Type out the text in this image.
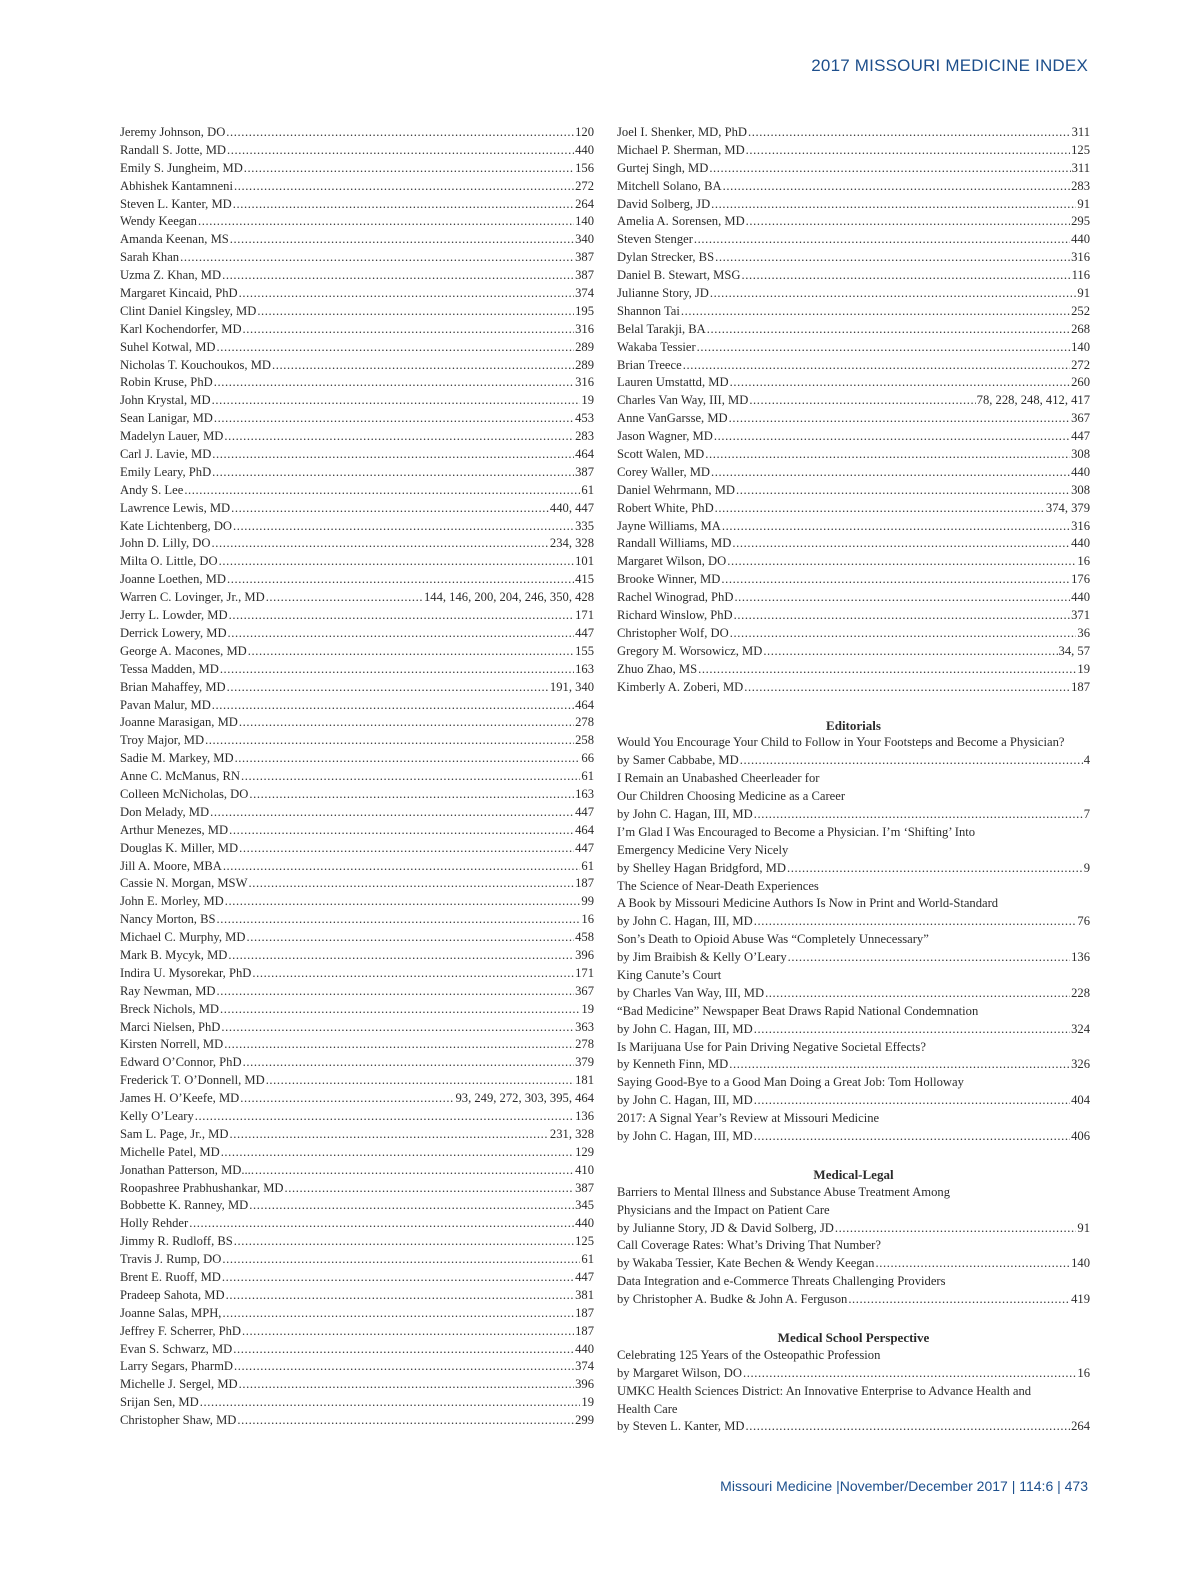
2017 MISSOURI MEDICINE INDEX
Jeremy Johnson, DO .....	120
Randall S. Jotte, MD .....	440
Emily S. Jungheim, MD .....	156
Abhishek Kantamneni .....	272
Steven L. Kanter, MD .....	264
Wendy Keegan .....	140
Amanda Keenan, MS .....	340
Sarah Khan .....	387
Uzma Z. Khan, MD .....	387
Margaret Kincaid, PhD .....	374
Clint Daniel Kingsley, MD .....	195
Karl Kochendorfer, MD .....	316
Suhel Kotwal, MD .....	289
Nicholas T. Kouchoukos, MD .....	289
Robin Kruse, PhD .....	316
John Krystal, MD .....	19
Sean Lanigar, MD .....	453
Madelyn Lauer, MD .....	283
Carl J. Lavie, MD .....	464
Emily Leary, PhD .....	387
Andy S. Lee .....	61
Lawrence Lewis, MD .....	440, 447
Kate Lichtenberg, DO .....	335
John D. Lilly, DO .....	234, 328
Milta O. Little, DO .....	101
Joanne Loethen, MD .....	415
Warren C. Lovinger, Jr., MD .....	144, 146, 200, 204, 246, 350, 428
Jerry L. Lowder, MD .....	171
Derrick Lowery, MD .....	447
George A. Macones, MD .....	155
Tessa Madden, MD .....	163
Brian Mahaffey, MD .....	191, 340
Pavan Malur, MD .....	464
Joanne Marasigan, MD .....	278
Troy Major, MD .....	258
Sadie M. Markey, MD .....	66
Anne C. McManus, RN .....	61
Colleen McNicholas, DO .....	163
Don Melady, MD .....	447
Arthur Menezes, MD .....	464
Douglas K. Miller, MD .....	447
Jill A. Moore, MBA .....	61
Cassie N. Morgan, MSW .....	187
John E. Morley, MD .....	99
Nancy Morton, BS .....	16
Michael C. Murphy, MD .....	458
Mark B. Mycyk, MD .....	396
Indira U. Mysorekar, PhD .....	171
Ray Newman, MD .....	367
Breck Nichols, MD .....	19
Marci Nielsen, PhD .....	363
Kirsten Norrell, MD .....	278
Edward O’Connor, PhD .....	379
Frederick T. O’Donnell, MD .....	181
James H. O’Keefe, MD .....	93, 249, 272, 303, 395, 464
Kelly O’Leary .....	136
Sam L. Page, Jr., MD .....	231, 328
Michelle Patel, MD .....	129
Jonathan Patterson, MD.... .....	410
Roopashree Prabhushankar, MD .....	387
Bobbette K. Ranney, MD .....	345
Holly Rehder .....	440
Jimmy R. Rudloff, BS .....	125
Travis J. Rump, DO .....	61
Brent E. Ruoff, MD .....	447
Pradeep Sahota, MD .....	381
Joanne Salas, MPH, .....	187
Jeffrey F. Scherrer, PhD .....	187
Evan S. Schwarz, MD .....	440
Larry Segars, PharmD .....	374
Michelle J. Sergel, MD .....	396
Srijan Sen, MD .....	19
Christopher Shaw, MD .....	299
Joel I. Shenker, MD, PhD .....	311
Michael P. Sherman, MD .....	125
Gurtej Singh, MD .....	311
Mitchell Solano, BA .....	283
David Solberg, JD .....	91
Amelia A. Sorensen, MD .....	295
Steven Stenger .....	440
Dylan Strecker, BS .....	316
Daniel B. Stewart, MSG .....	116
Julianne Story, JD .....	91
Shannon Tai .....	252
Belal Tarakji, BA .....	268
Wakaba Tessier .....	140
Brian Treece .....	272
Lauren Umstattd, MD .....	260
Charles Van Way, III, MD .....	78, 228, 248, 412, 417
Anne VanGarsse, MD .....	367
Jason Wagner, MD .....	447
Scott Walen, MD .....	308
Corey Waller, MD .....	440
Daniel Wehrmann, MD .....	308
Robert White, PhD .....	374, 379
Jayne Williams, MA .....	316
Randall Williams, MD .....	440
Margaret Wilson, DO .....	16
Brooke Winner, MD .....	176
Rachel Winograd, PhD .....	440
Richard Winslow, PhD .....	371
Christopher Wolf, DO .....	36
Gregory M. Worsowicz, MD .....	34, 57
Zhuo Zhao, MS .....	19
Kimberly A. Zoberi, MD .....	187
Editorials
Would You Encourage Your Child to Follow in Your Footsteps and Become a Physician?
by Samer Cabbabe, MD .....	4
I Remain an Unabashed Cheerleader for
Our Children Choosing Medicine as a Career
by John C. Hagan, III, MD .....	7
I’m Glad I Was Encouraged to Become a Physician. I’m ‘Shifting’ Into
Emergency Medicine Very Nicely
by Shelley Hagan Bridgford, MD .....	9
The Science of Near-Death Experiences
A Book by Missouri Medicine Authors Is Now in Print and World-Standard
by John C. Hagan, III, MD .....	76
Son’s Death to Opioid Abuse Was “Completely Unnecessary”
by Jim Braibish & Kelly O’Leary .....	136
King Canute’s Court
by Charles Van Way, III, MD .....	228
“Bad Medicine” Newspaper Beat Draws Rapid National Condemnation
by John C. Hagan, III, MD .....	324
Is Marijuana Use for Pain Driving Negative Societal Effects?
by Kenneth Finn, MD .....	326
Saying Good-Bye to a Good Man Doing a Great Job: Tom Holloway
by John C. Hagan, III, MD .....	404
2017: A Signal Year’s Review at Missouri Medicine
by John C. Hagan, III, MD .....	406
Medical-Legal
Barriers to Mental Illness and Substance Abuse Treatment Among
Physicians and the Impact on Patient Care
by Julianne Story, JD & David Solberg, JD .....	91
Call Coverage Rates: What’s Driving That Number?
by Wakaba Tessier, Kate Bechen & Wendy Keegan .....	140
Data Integration and e-Commerce Threats Challenging Providers
by Christopher A. Budke & John A. Ferguson .....	419
Medical School Perspective
Celebrating 125 Years of the Osteopathic Profession
by Margaret Wilson, DO .....	16
UMKC Health Sciences District: An Innovative Enterprise to Advance Health and
Health Care
by Steven L. Kanter, MD .....	264
Missouri Medicine |November/December 2017 | 114:6 | 473
